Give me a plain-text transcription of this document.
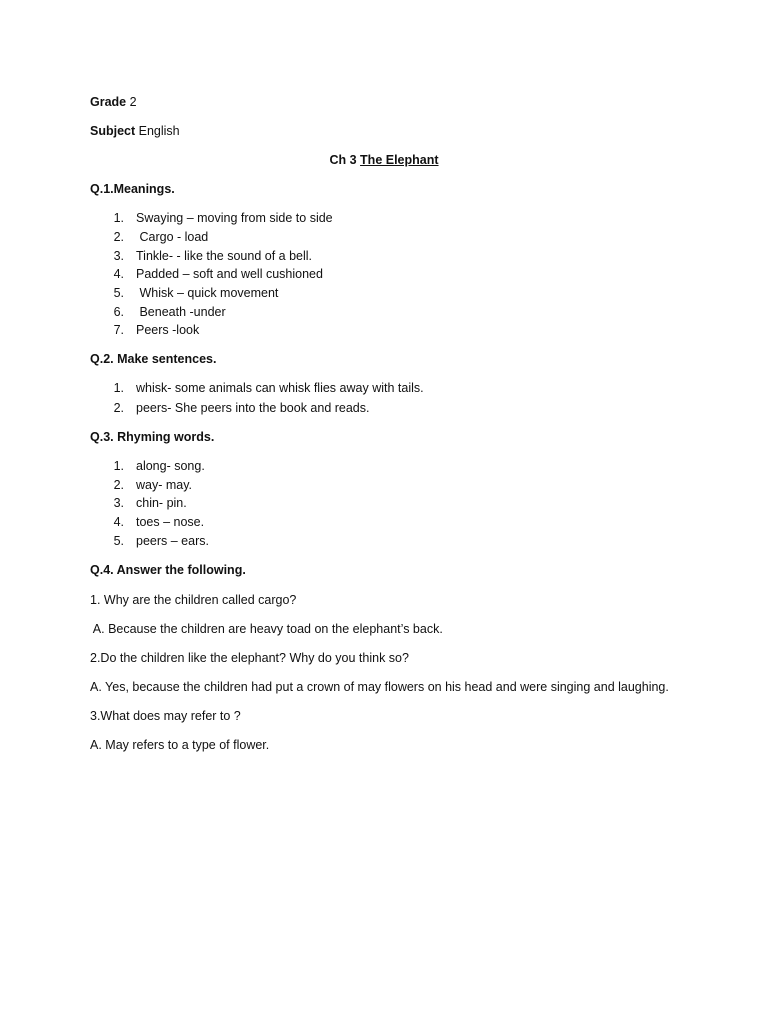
Grade 2
Subject English
Ch 3 The Elephant
Q.1.Meanings.
1. Swaying – moving from side to side
2. Cargo - load
3. Tinkle- - like the sound of a bell.
4. Padded – soft and well cushioned
5. Whisk – quick movement
6. Beneath -under
7. Peers -look
Q.2. Make sentences.
1. whisk- some animals can whisk flies away with tails.
2. peers- She peers into the book and reads.
Q.3. Rhyming words.
1. along- song.
2. way- may.
3. chin- pin.
4. toes – nose.
5. peers – ears.
Q.4. Answer the following.
1. Why are the children called cargo?
A. Because the children are heavy toad on the elephant’s back.
2.Do the children like the elephant? Why do you think so?
A. Yes, because the children had put a crown of may flowers on his head and were singing and laughing.
3.What does may refer to ?
A. May refers to a type of flower.
